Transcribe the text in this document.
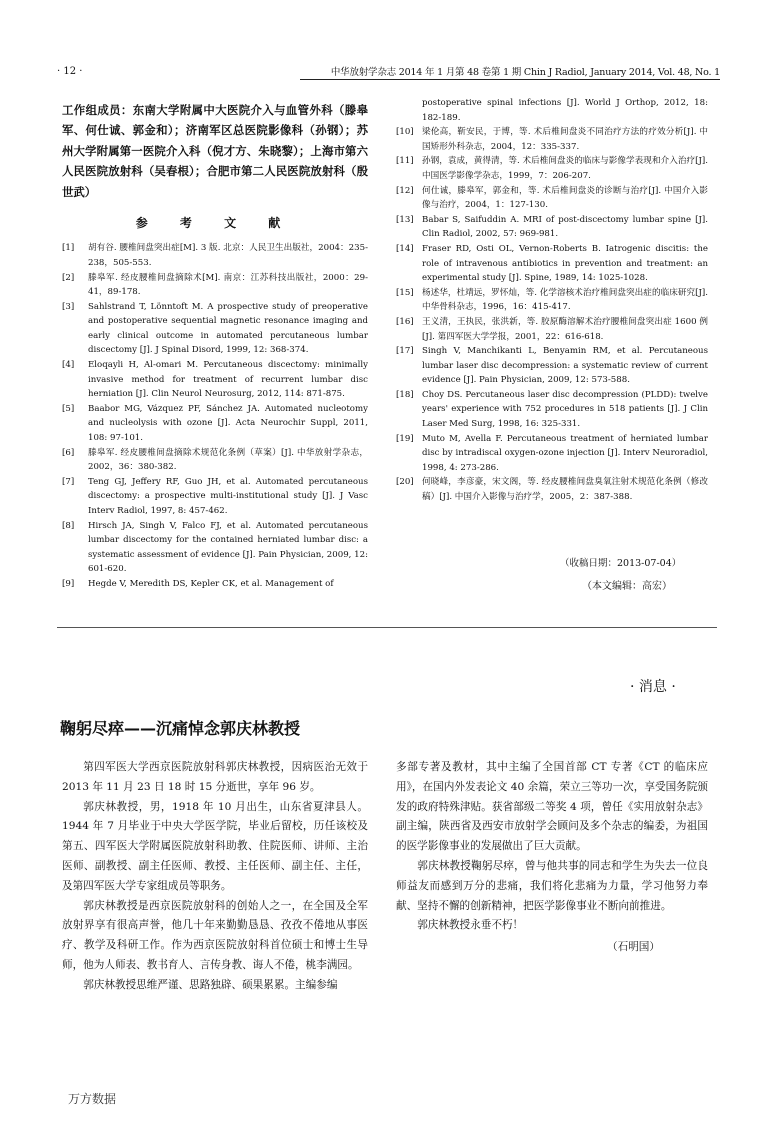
· 12 ·	中华放射学杂志 2014 年 1 月第 48 卷第 1 期 Chin J Radiol, January 2014, Vol. 48, No. 1
工作组成员：东南大学附属中大医院介入与血管外科（滕皋军、何仕诚、郭金和）；济南军区总医院影像科（孙钢）；苏州大学附属第一医院介入科（倪才方、朱晓黎）；上海市第六人民医院放射科（吴春根）；合肥市第二人民医院放射科（殷世武）
参 考 文 献
[1]	胡有谷. 腰椎间盘突出症[M]. 3 版. 北京：人民卫生出版社，2004：235-238，505-553.
[2]	滕皋军. 经皮腰椎间盘摘除术[M]. 南京：江苏科技出版社，2000：29-41，89-178.
[3]	Sahlstrand T, Lönntoft M. A prospective study of preoperative and postoperative sequential magnetic resonance imaging and early clinical outcome in automated percutaneous lumbar discectomy [J]. J Spinal Disord, 1999, 12: 368-374.
[4]	Eloqayli H, Al-omari M. Percutaneous discectomy: minimally invasive method for treatment of recurrent lumbar disc herniation [J]. Clin Neurol Neurosurg, 2012, 114: 871-875.
[5]	Baabor MG, Vázquez PF, Sánchez JA. Automated nucleotomy and nucleolysis with ozone [J]. Acta Neurochir Suppl, 2011, 108: 97-101.
[6]	滕皋军. 经皮腰椎间盘摘除术规范化条例（草案）[J]. 中华放射学杂志，2002，36：380-382.
[7]	Teng GJ, Jeffery RF, Guo JH, et al. Automated percutaneous discectomy: a prospective multi-institutional study [J]. J Vasc Interv Radiol, 1997, 8: 457-462.
[8]	Hirsch JA, Singh V, Falco FJ, et al. Automated percutaneous lumbar discectomy for the contained herniated lumbar disc: a systematic assessment of evidence [J]. Pain Physician, 2009, 12: 601-620.
[9]	Hegde V, Meredith DS, Kepler CK, et al. Management of
postoperative spinal infections [J]. World J Orthop, 2012, 18: 182-189.
[10] 梁伦高，靳安民，于博，等. 术后椎间盘炎不同治疗方法的疗效分析[J]. 中国矫形外科杂志，2004，12：335-337.
[11] 孙钢，袁成，黄得清，等. 术后椎间盘炎的临床与影像学表现和介入治疗[J]. 中国医学影像学杂志，1999，7：206-207.
[12] 何仕诚，滕皋军，郭金和，等. 术后椎间盘炎的诊断与治疗[J]. 中国介入影像与治疗，2004，1：127-130.
[13] Babar S, Saifuddin A. MRI of post-discectomy lumbar spine [J]. Clin Radiol, 2002, 57: 969-981.
[14] Fraser RD, Osti OL, Vernon-Roberts B. Iatrogenic discitis: the role of intravenous antibiotics in prevention and treatment: an experimental study [J]. Spine, 1989, 14: 1025-1028.
[15] 杨述华，杜靖远，罗怀灿，等. 化学溶核术治疗椎间盘突出症的临床研究[J]. 中华骨科杂志，1996，16：415-417.
[16] 王义清，王执民，张洪新，等. 胶原酶溶解术治疗腰椎间盘突出症 1600 例[J]. 第四军医大学学报，2001，22：616-618.
[17] Singh V, Manchikanti L, Benyamin RM, et al. Percutaneous lumbar laser disc decompression: a systematic review of current evidence [J]. Pain Physician, 2009, 12: 573-588.
[18] Choy DS. Percutaneous laser disc decompression (PLDD): twelve years' experience with 752 procedures in 518 patients [J]. J Clin Laser Med Surg, 1998, 16: 325-331.
[19] Muto M, Avella F. Percutaneous treatment of herniated lumbar disc by intradiscal oxygen-ozone injection [J]. Interv Neuroradiol, 1998, 4: 273-286.
[20] 何晓峰，李彦豪，宋文阁，等. 经皮腰椎间盘臭氧注射术规范化条例（修改稿）[J]. 中国介入影像与治疗学，2005，2：387-388.
（收稿日期：2013-07-04）
（本文编辑：高宏）
· 消息 ·
鞠躬尽瘁——沉痛悼念郭庆林教授

第四军医大学西京医院放射科郭庆林教授，因病医治无效于 2013 年 11 月 23 日 18 时 15 分逝世，享年 96 岁。

郭庆林教授，男，1918 年 10 月出生，山东省夏津县人。1944 年 7 月毕业于中央大学医学院，毕业后留校，历任该校及第五、四军医大学附属医院放射科助教、住院医师、讲师、主治医师、副教授、副主任医师、教授、主任医师、副主任、主任，及第四军医大学专家组成员等职务。

郭庆林教授是西京医院放射科的创始人之一，在全国及全军放射界享有很高声誉，他几十年来勤勤恳恳、孜孜不倦地从事医疗、教学及科研工作。作为西京医院放射科首位硕士和博士生导师，他为人师表、教书育人、言传身教、诲人不倦，桃李满园。

郭庆林教授思维严谨、思路独辟、硕果累累。主编参编

多部专著及教材，其中主编了全国首部 CT 专著《CT 的临床应用》，在国内外发表论文 40 余篇，荣立三等功一次，享受国务院颁发的政府特殊津贴。获省部级二等奖 4 项，曾任《实用放射杂志》副主编，陕西省及西安市放射学会顾问及多个杂志的编委，为祖国的医学影像事业的发展做出了巨大贡献。

郭庆林教授鞠躬尽瘁，曾与他共事的同志和学生为失去一位良师益友而感到万分的悲痛，我们将化悲痛为力量，学习他努力奉献、坚持不懈的创新精神，把医学影像事业不断向前推进。

郭庆林教授永垂不朽！

（石明国）
万方数据
